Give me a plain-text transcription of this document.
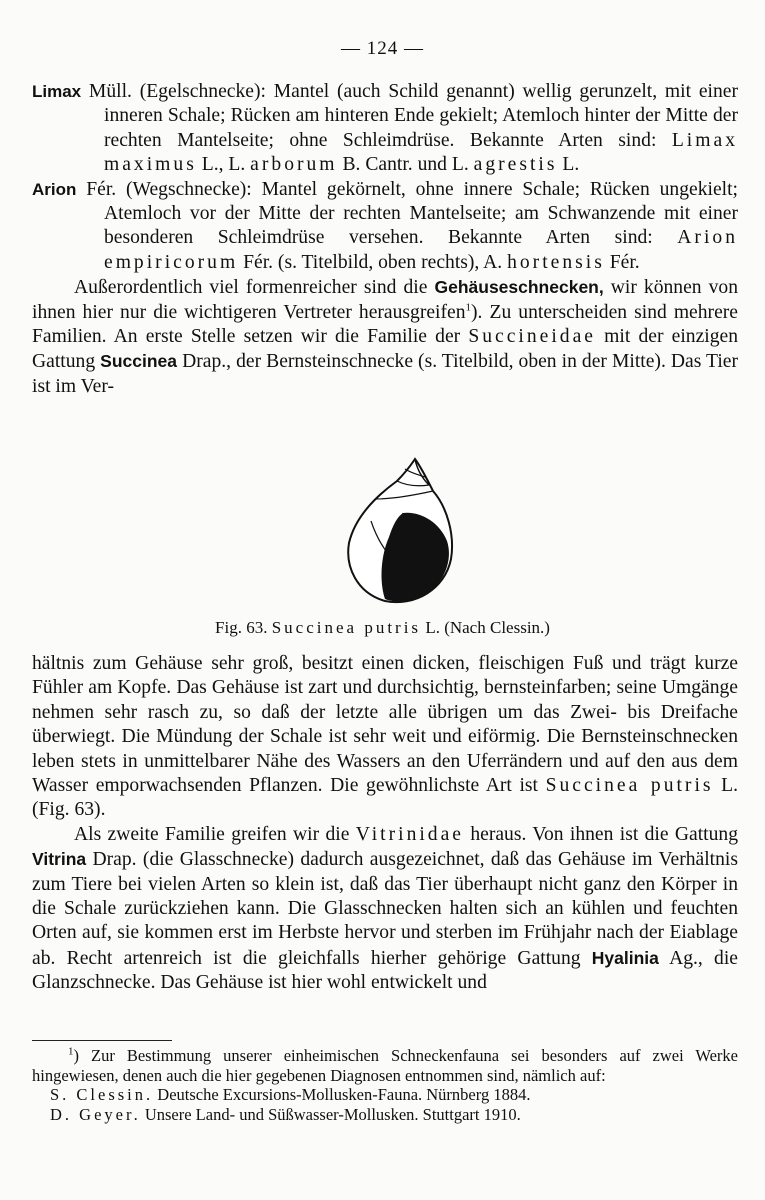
— 124 —

Limax Müll. (Egelschnecke): Mantel (auch Schild genannt) wellig gerunzelt, mit einer inneren Schale; Rücken am hinteren Ende gekielt; Atemloch hinter der Mitte der rechten Mantelseite; ohne Schleimdrüse. Bekannte Arten sind: Limax maximus L., L. arborum B. Cantr. und L. agrestis L.

Arion Fér. (Wegschnecke): Mantel gekörnelt, ohne innere Schale; Rücken ungekielt; Atemloch vor der Mitte der rechten Mantelseite; am Schwanzende mit einer besonderen Schleimdrüse versehen. Bekannte Arten sind: Arion empiricorum Fér. (s. Titelbild, oben rechts), A. hortensis Fér.

Außerordentlich viel formenreicher sind die Gehäuseschnecken, wir können von ihnen hier nur die wichtigeren Vertreter herausgreifen$^1$). Zu unterscheiden sind mehrere Familien. An erste Stelle setzen wir die Familie der Succineidae mit der einzigen Gattung Succinea Drap., der Bernsteinschnecke (s. Titelbild, oben in der Mitte). Das Tier ist im Ver-

Fig. 63. Succinea putris L. (Nach Clessin.)

hältnis zum Gehäuse sehr groß, besitzt einen dicken, fleischigen Fuß und trägt kurze Fühler am Kopfe. Das Gehäuse ist zart und durchsichtig, bernsteinfarben; seine Umgänge nehmen sehr rasch zu, so daß der letzte alle übrigen um das Zwei- bis Dreifache überwiegt. Die Mündung der Schale ist sehr weit und eiförmig. Die Bernsteinschnecken leben stets in unmittelbarer Nähe des Wassers an den Uferrändern und auf den aus dem Wasser emporwachsenden Pflanzen. Die gewöhnlichste Art ist Succinea putris L. (Fig. 63).

Als zweite Familie greifen wir die Vitrinidae heraus. Von ihnen ist die Gattung Vitrina Drap. (die Glasschnecke) dadurch ausgezeichnet, daß das Gehäuse im Verhältnis zum Tiere bei vielen Arten so klein ist, daß das Tier überhaupt nicht ganz den Körper in die Schale zurückziehen kann. Die Glasschnecken halten sich an kühlen und feuchten Orten auf, sie kommen erst im Herbste hervor und sterben im Frühjahr nach der Eiablage ab. Recht artenreich ist die gleichfalls hierher gehörige Gattung Hyalinia Ag., die Glanzschnecke. Das Gehäuse ist hier wohl entwickelt und

$^1$) Zur Bestimmung unserer einheimischen Schneckenfauna sei besonders auf zwei Werke hingewiesen, denen auch die hier gegebenen Diagnosen entnommen sind, nämlich auf:

S. Clessin. Deutsche Excursions-Mollusken-Fauna. Nürnberg 1884.

D. Geyer. Unsere Land- und Süßwasser-Mollusken. Stuttgart 1910.
